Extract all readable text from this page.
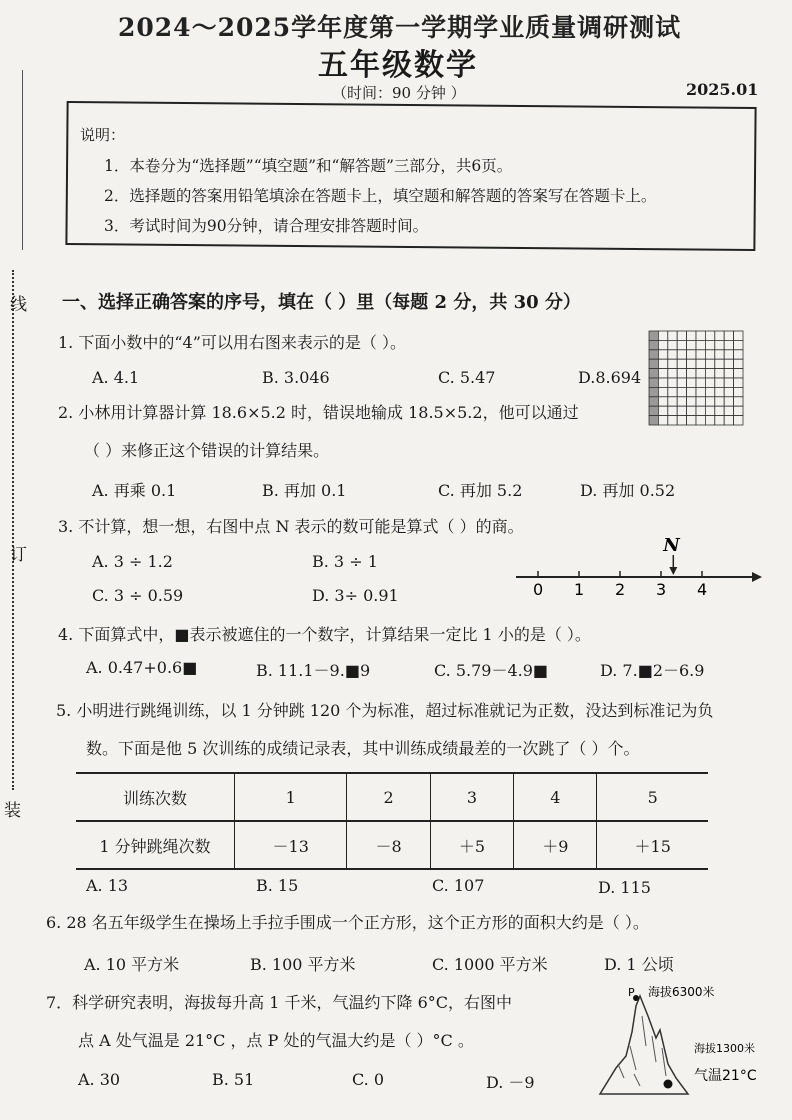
2024～2025学年度第一学期学业质量调研测试
五年级数学
（时间：90 分钟 ）	2025.01
说明：
1．本卷分为“选择题”“填空题”和“解答题”三部分，共6页。
2．选择题的答案用铅笔填涂在答题卡上，填空题和解答题的答案写在答题卡上。
3．考试时间为90分钟，请合理安排答题时间。
线
订
装
一、选择正确答案的序号，填在（ ）里（每题 2 分，共 30 分）
1. 下面小数中的“4”可以用右图来表示的是（ ）。
A. 4.1	B. 3.046	C. 5.47	D.8.694
2. 小林用计算器计算 18.6×5.2 时，错误地输成 18.5×5.2，他可以通过
（ ）来修正这个错误的计算结果。
A. 再乘 0.1	B. 再加 0.1	C. 再加 5.2	D. 再加 0.52
3. 不计算，想一想，右图中点 N 表示的数可能是算式（ ）的商。
A. 3 ÷ 1.2	B. 3 ÷ 1
C. 3 ÷ 0.59	D. 3÷ 0.91	0 1 2 3 4
N
4. 下面算式中，■表示被遮住的一个数字，计算结果一定比 1 小的是（ ）。
A. 0.47+0.6■	B. 11.1－9.■9	C. 5.79－4.9■	D. 7.■2－6.9
5. 小明进行跳绳训练，以 1 分钟跳 120 个为标准，超过标准就记为正数，没达到标准记为负
数。下面是他 5 次训练的成绩记录表，其中训练成绩最差的一次跳了（ ）个。
训练次数	1	2	3	4	5
1 分钟跳绳次数	－13	－8	＋5	＋9	＋15
A. 13	B. 15	C. 107	D. 115
6. 28 名五年级学生在操场上手拉手围成一个正方形，这个正方形的面积大约是（ ）。
A. 10 平方米	B. 100 平方米	C. 1000 平方米	D. 1 公顷
7．科学研究表明，海拔每升高 1 千米，气温约下降 6°C，右图中
点 A 处气温是 21°C ，点 P 处的气温大约是（ ）°C 。
A. 30	B. 51	C. 0	D. －9
P 海拔6300米
海拔1300米
气温21°C
